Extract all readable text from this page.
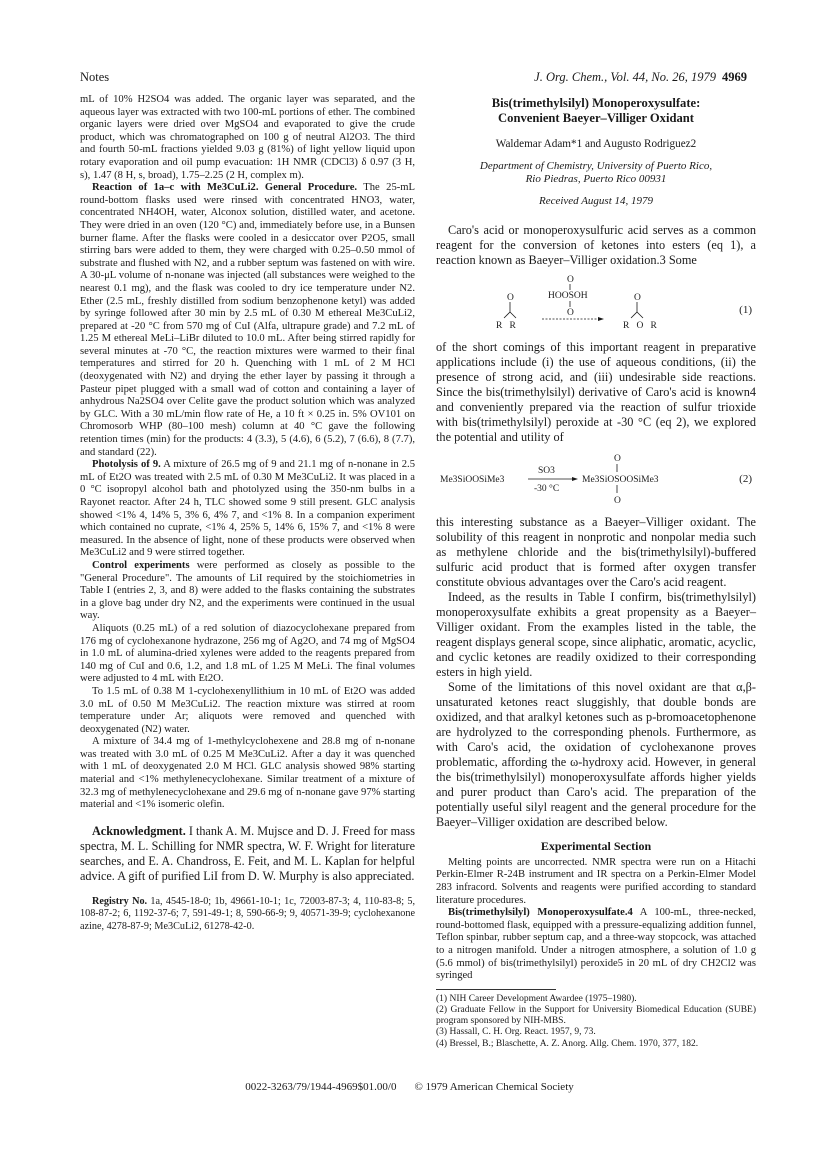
Notes	J. Org. Chem., Vol. 44, No. 26, 1979 4969

mL of 10% H2SO4 was added. The organic layer was separated, and the aqueous layer was extracted with two 100-mL portions of ether. The combined organic layers were dried over MgSO4 and evaporated to give the crude product, which was chromatographed on 100 g of neutral Al2O3. The third and fourth 50-mL fractions yielded 9.03 g (81%) of light yellow liquid upon rotary evaporation and oil pump evacuation: 1H NMR (CDCl3) δ 0.97 (3 H, s), 1.47 (8 H, s, broad), 1.75–2.25 (2 H, complex m).

Reaction of 1a–c with Me3CuLi2. General Procedure. The 25-mL round-bottom flasks used were rinsed with concentrated HNO3, water, concentrated NH4OH, water, Alconox solution, distilled water, and acetone. They were dried in an oven (120 °C) and, immediately before use, in a Bunsen burner flame. After the flasks were cooled in a desiccator over P2O5, small stirring bars were added to them, they were charged with 0.25–0.50 mmol of substrate and flushed with N2, and a rubber septum was fastened on with wire. A 30-μL volume of n-nonane was injected (all substances were weighed to the nearest 0.1 mg), and the flask was cooled to dry ice temperature under N2. Ether (2.5 mL, freshly distilled from sodium benzophenone ketyl) was added by syringe followed after 30 min by 2.5 mL of 0.30 M ethereal Me3CuLi2, prepared at -20 °C from 570 mg of CuI (Alfa, ultrapure grade) and 7.2 mL of 1.25 M ethereal MeLi–LiBr diluted to 10.0 mL. After being stirred rapidly for several minutes at -70 °C, the reaction mixtures were warmed to their final temperatures and stirred for 20 h. Quenching with 1 mL of 2 M HCl (deoxygenated with N2) and drying the ether layer by passing it through a Pasteur pipet plugged with a small wad of cotton and containing a layer of anhydrous Na2SO4 over Celite gave the product solution which was analyzed by GLC. With a 30 mL/min flow rate of He, a 10 ft × 0.25 in. 5% OV101 on Chromosorb WHP (80–100 mesh) column at 40 °C gave the following retention times (min) for the products: 4 (3.3), 5 (4.6), 6 (5.2), 7 (6.6), 8 (7.7), and standard (22).

Photolysis of 9. A mixture of 26.5 mg of 9 and 21.1 mg of n-nonane in 2.5 mL of Et2O was treated with 2.5 mL of 0.30 M Me3CuLi2. It was placed in a 0 °C isopropyl alcohol bath and photolyzed using the 350-nm bulbs in a Rayonet reactor. After 24 h, TLC showed some 9 still present. GLC analysis showed <1% 4, 14% 5, 3% 6, 4% 7, and <1% 8. In a companion experiment which contained no cuprate, <1% 4, 25% 5, 14% 6, 15% 7, and <1% 8 were measured. In the absence of light, none of these products were observed when Me3CuLi2 and 9 were stirred together.

Control experiments were performed as closely as possible to the "General Procedure". The amounts of LiI required by the stoichiometries in Table I (entries 2, 3, and 8) were added to the flasks containing the substrates in a glove bag under dry N2, and the experiments were continued in the usual way.

Aliquots (0.25 mL) of a red solution of diazocyclohexane prepared from 176 mg of cyclohexanone hydrazone, 256 mg of Ag2O, and 74 mg of MgSO4 in 1.0 mL of alumina-dried xylenes were added to the reagents prepared from 140 mg of CuI and 0.6, 1.2, and 1.8 mL of 1.25 M MeLi. The final volumes were adjusted to 4 mL with Et2O.

To 1.5 mL of 0.38 M 1-cyclohexenyllithium in 10 mL of Et2O was added 3.0 mL of 0.50 M Me3CuLi2. The reaction mixture was stirred at room temperature under Ar; aliquots were removed and quenched with deoxygenated (N2) water.

A mixture of 34.4 mg of 1-methylcyclohexene and 28.8 mg of n-nonane was treated with 3.0 mL of 0.25 M Me3CuLi2. After a day it was quenched with 1 mL of deoxygenated 2.0 M HCl. GLC analysis showed 98% starting material and <1% methylenecyclohexane. Similar treatment of a mixture of 32.3 mg of methylenecyclohexane and 29.6 mg of n-nonane gave 97% starting material and <1% isomeric olefin.

Acknowledgment. I thank A. M. Mujsce and D. J. Freed for mass spectra, M. L. Schilling for NMR spectra, W. F. Wright for literature searches, and E. A. Chandross, E. Feit, and M. L. Kaplan for helpful advice. A gift of purified LiI from D. W. Murphy is also appreciated.

Registry No. 1a, 4545-18-0; 1b, 49661-10-1; 1c, 72003-87-3; 4, 110-83-8; 5, 108-87-2; 6, 1192-37-6; 7, 591-49-1; 8, 590-66-9; 9, 40571-39-9; cyclohexanone azine, 4278-87-9; Me3CuLi2, 61278-42-0.

Bis(trimethylsilyl) Monoperoxysulfate:
Convenient Baeyer–Villiger Oxidant
Waldemar Adam*1 and Augusto Rodriguez2
Department of Chemistry, University of Puerto Rico,
Rio Piedras, Puerto Rico 00931
Received August 14, 1979

Caro's acid or monoperoxysulfuric acid serves as a common reagent for the conversion of ketones into esters (eq 1), a reaction known as Baeyer–Villiger oxidation.3 Some

O
HOOSOH
O
O
R   R
O
R   O   R
(1)

of the short comings of this important reagent in preparative applications include (i) the use of aqueous conditions, (ii) the presence of strong acid, and (iii) undesirable side reactions. Since the bis(trimethylsilyl) derivative of Caro's acid is known4 and conveniently prepared via the reaction of sulfur trioxide with bis(trimethylsilyl) peroxide at -30 °C (eq 2), we explored the potential and utility of

Me3SiOOSiMe3
SO3
-30 °C
O
Me3SiOSOOSiMe3
O
(2)

this interesting substance as a Baeyer–Villiger oxidant. The solubility of this reagent in nonprotic and nonpolar media such as methylene chloride and the bis(trimethylsilyl)-buffered sulfuric acid product that is formed after oxygen transfer constitute obvious advantages over the Caro's acid reagent.

Indeed, as the results in Table I confirm, bis(trimethylsilyl) monoperoxysulfate exhibits a great propensity as a Baeyer–Villiger oxidant. From the examples listed in the table, the reagent displays general scope, since aliphatic, aromatic, acyclic, and cyclic ketones are readily oxidized to their corresponding esters in high yield.

Some of the limitations of this novel oxidant are that α,β-unsaturated ketones react sluggishly, that double bonds are oxidized, and that aralkyl ketones such as p-bromoacetophenone are hydrolyzed to the corresponding phenols. Furthermore, as with Caro's acid, the oxidation of cyclohexanone proves problematic, affording the ω-hydroxy acid. However, in general the bis(trimethylsilyl) monoperoxysulfate affords higher yields and purer product than Caro's acid. The preparation of the potentially useful silyl reagent and the general procedure for the Baeyer–Villiger oxidation are described below.

Experimental Section

Melting points are uncorrected. NMR spectra were run on a Hitachi Perkin-Elmer R-24B instrument and IR spectra on a Perkin-Elmer Model 283 infracord. Solvents and reagents were purified according to standard literature procedures.

Bis(trimethylsilyl) Monoperoxysulfate.4 A 100-mL, three-necked, round-bottomed flask, equipped with a pressure-equalizing addition funnel, Teflon spinbar, rubber septum cap, and a three-way stopcock, was attached to a nitrogen manifold. Under a nitrogen atmosphere, a solution of 1.0 g (5.6 mmol) of bis(trimethylsilyl) peroxide5 in 20 mL of dry CH2Cl2 was syringed

(1) NIH Career Development Awardee (1975–1980).
(2) Graduate Fellow in the Support for University Biomedical Education (SUBE) program sponsored by NIH-MBS.
(3) Hassall, C. H. Org. React. 1957, 9, 73.
(4) Bressel, B.; Blaschette, A. Z. Anorg. Allg. Chem. 1970, 377, 182.
0022-3263/79/1944-4969$01.00/0 © 1979 American Chemical Society
